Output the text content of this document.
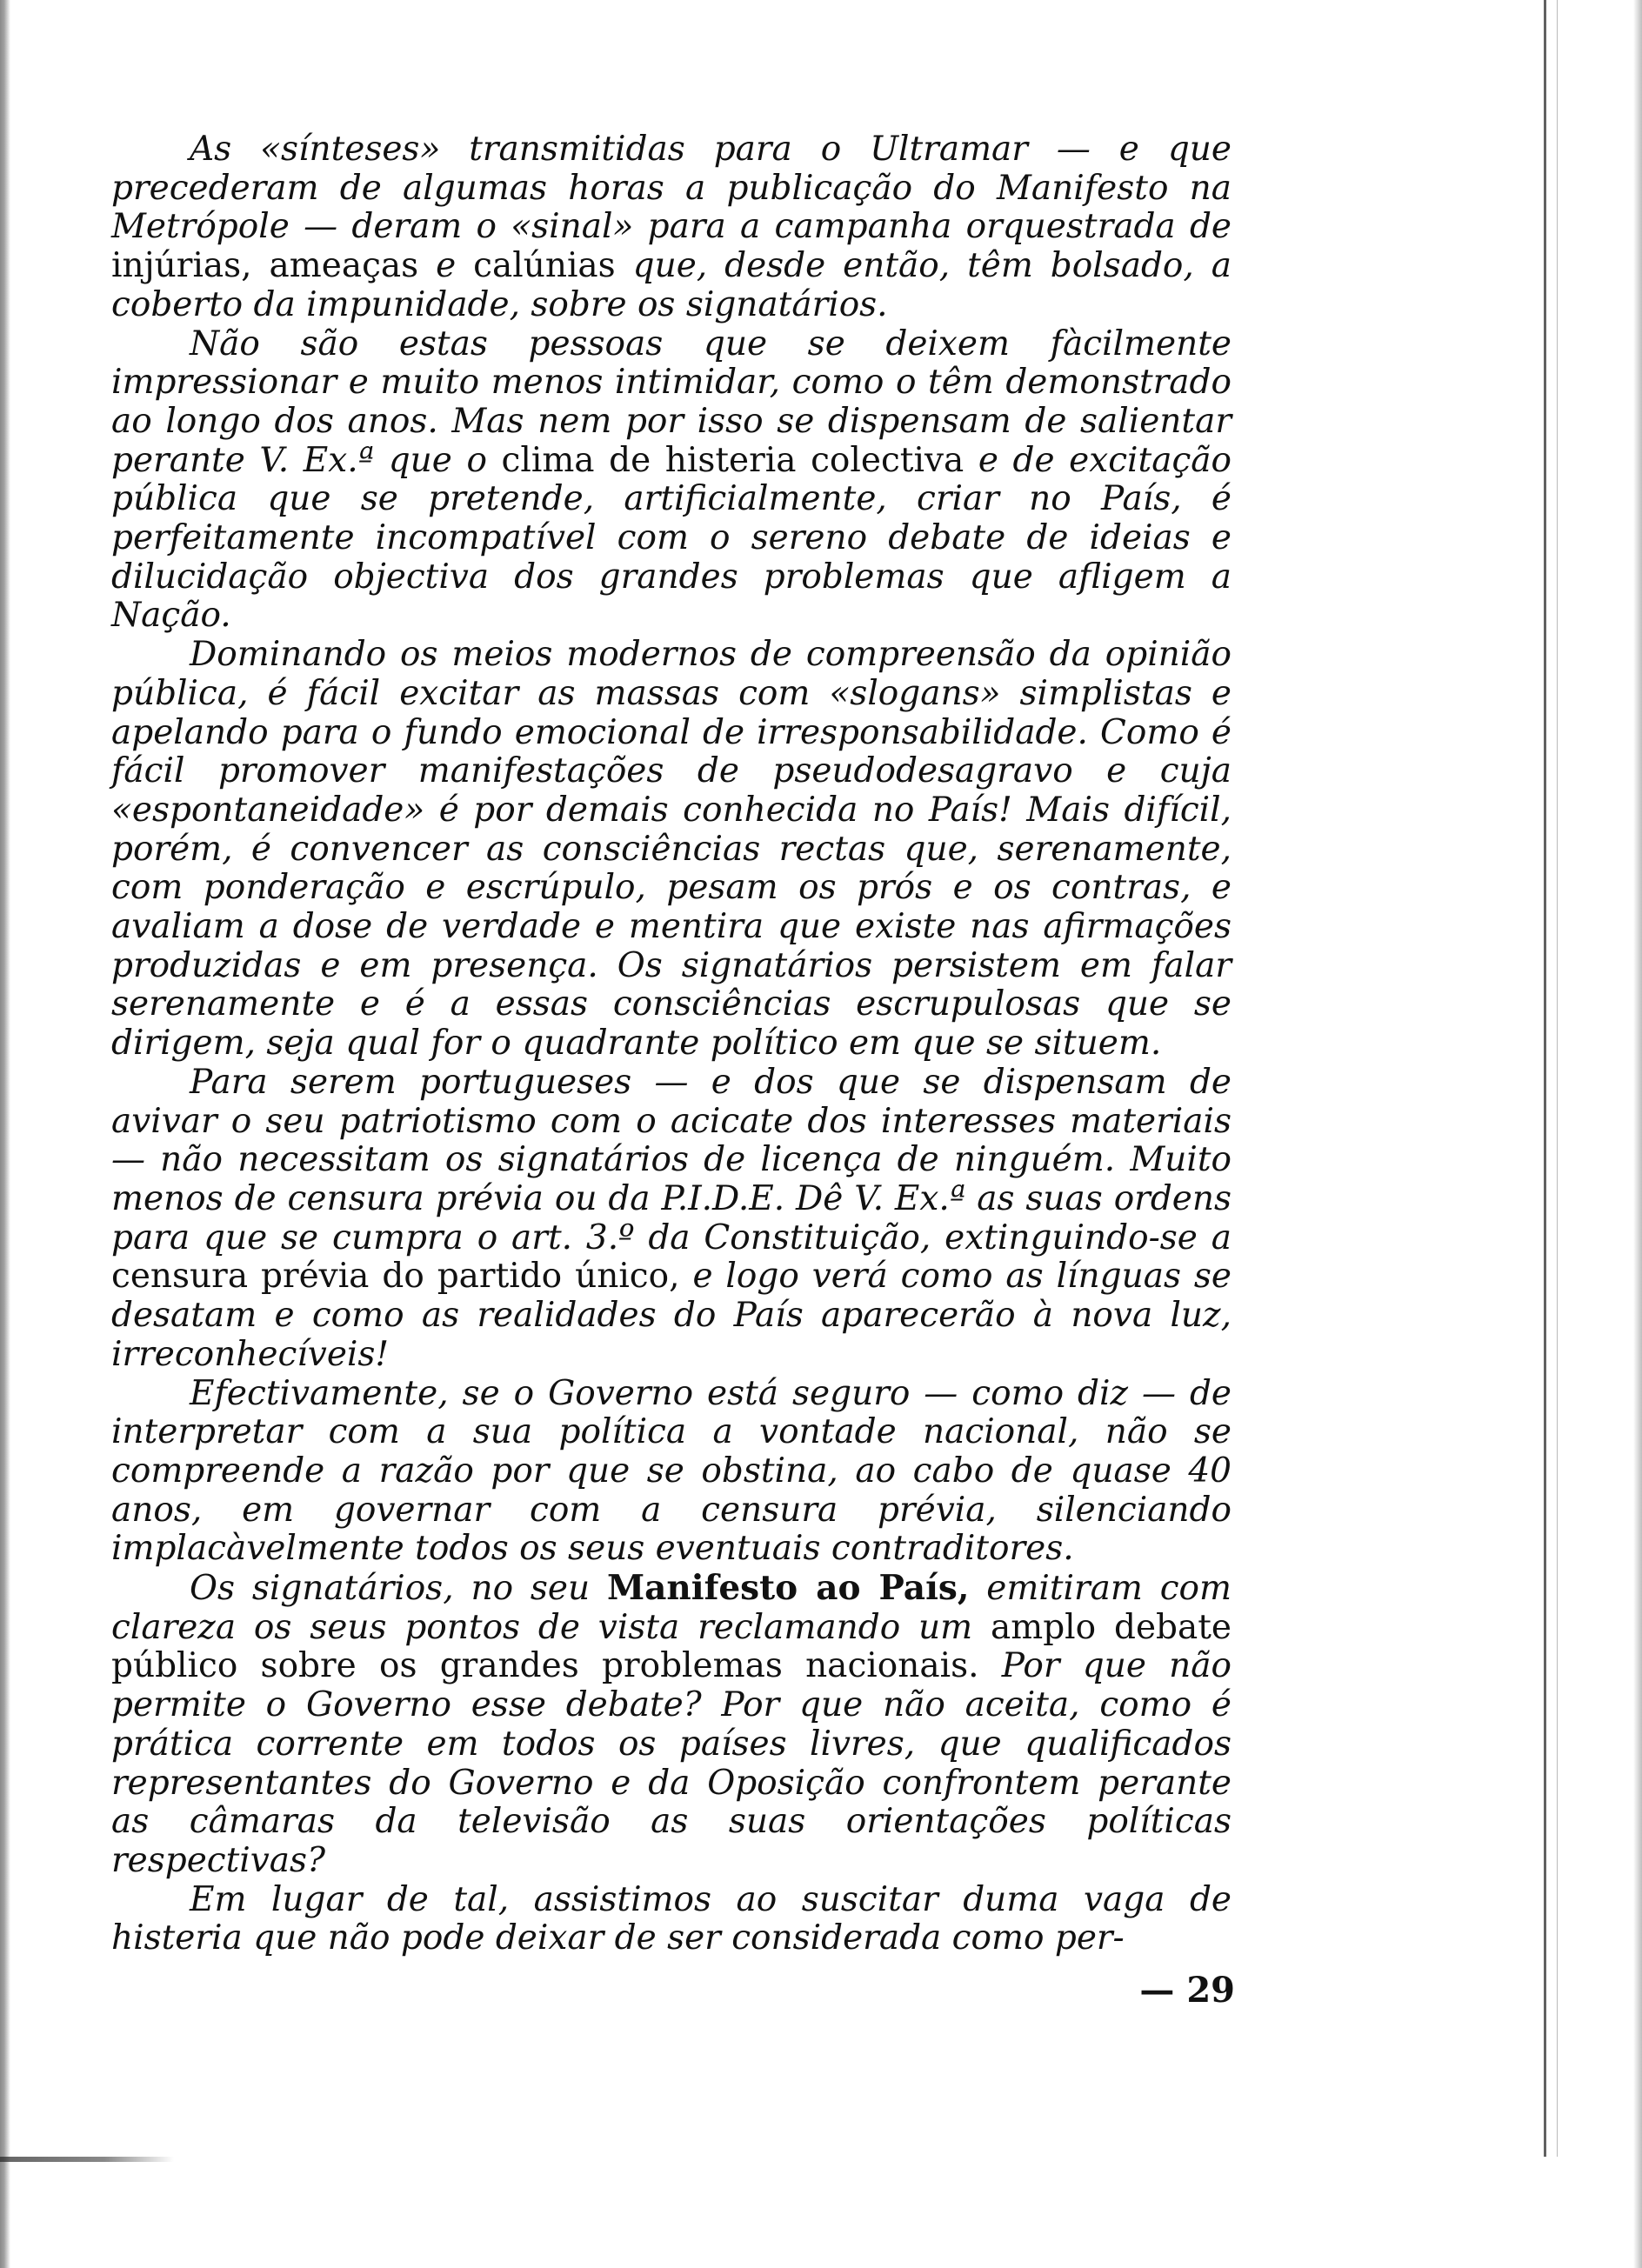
As «sínteses» transmitidas para o Ultramar — e que precederam de algumas horas a publicação do Manifesto na Metrópole — deram o «sinal» para a campanha orquestrada de injúrias, ameaças e calúnias que, desde então, têm bolsado, a coberto da impunidade, sobre os signatários.

Não são estas pessoas que se deixem fàcilmente impressionar e muito menos intimidar, como o têm demonstrado ao longo dos anos. Mas nem por isso se dispensam de salientar perante V. Ex.ª que o clima de histeria colectiva e de excitação pública que se pretende, artificialmente, criar no País, é perfeitamente incompatível com o sereno debate de ideias e dilucidação objectiva dos grandes problemas que afligem a Nação.

Dominando os meios modernos de compreensão da opinião pública, é fácil excitar as massas com «slogans» simplistas e apelando para o fundo emocional de irresponsabilidade. Como é fácil promover manifestações de pseudodesagravo e cuja «espontaneidade» é por demais conhecida no País! Mais difícil, porém, é convencer as consciências rectas que, serenamente, com ponderação e escrúpulo, pesam os prós e os contras, e avaliam a dose de verdade e mentira que existe nas afirmações produzidas e em presença. Os signatários persistem em falar serenamente e é a essas consciências escrupulosas que se dirigem, seja qual for o quadrante político em que se situem.

Para serem portugueses — e dos que se dispensam de avivar o seu patriotismo com o acicate dos interesses materiais — não necessitam os signatários de licença de ninguém. Muito menos de censura prévia ou da P.I.D.E. Dê V. Ex.ª as suas ordens para que se cumpra o art. 3.º da Constituição, extinguindo-se a censura prévia do partido único, e logo verá como as línguas se desatam e como as realidades do País aparecerão à nova luz, irreconhecíveis!

Efectivamente, se o Governo está seguro — como diz — de interpretar com a sua política a vontade nacional, não se compreende a razão por que se obstina, ao cabo de quase 40 anos, em governar com a censura prévia, silenciando implacàvelmente todos os seus eventuais contraditores.

Os signatários, no seu Manifesto ao País, emitiram com clareza os seus pontos de vista reclamando um amplo debate público sobre os grandes problemas nacionais. Por que não permite o Governo esse debate? Por que não aceita, como é prática corrente em todos os países livres, que qualificados representantes do Governo e da Oposição confrontem perante as câmaras da televisão as suas orientações políticas respectivas?

Em lugar de tal, assistimos ao suscitar duma vaga de histeria que não pode deixar de ser considerada como per-

— 29
